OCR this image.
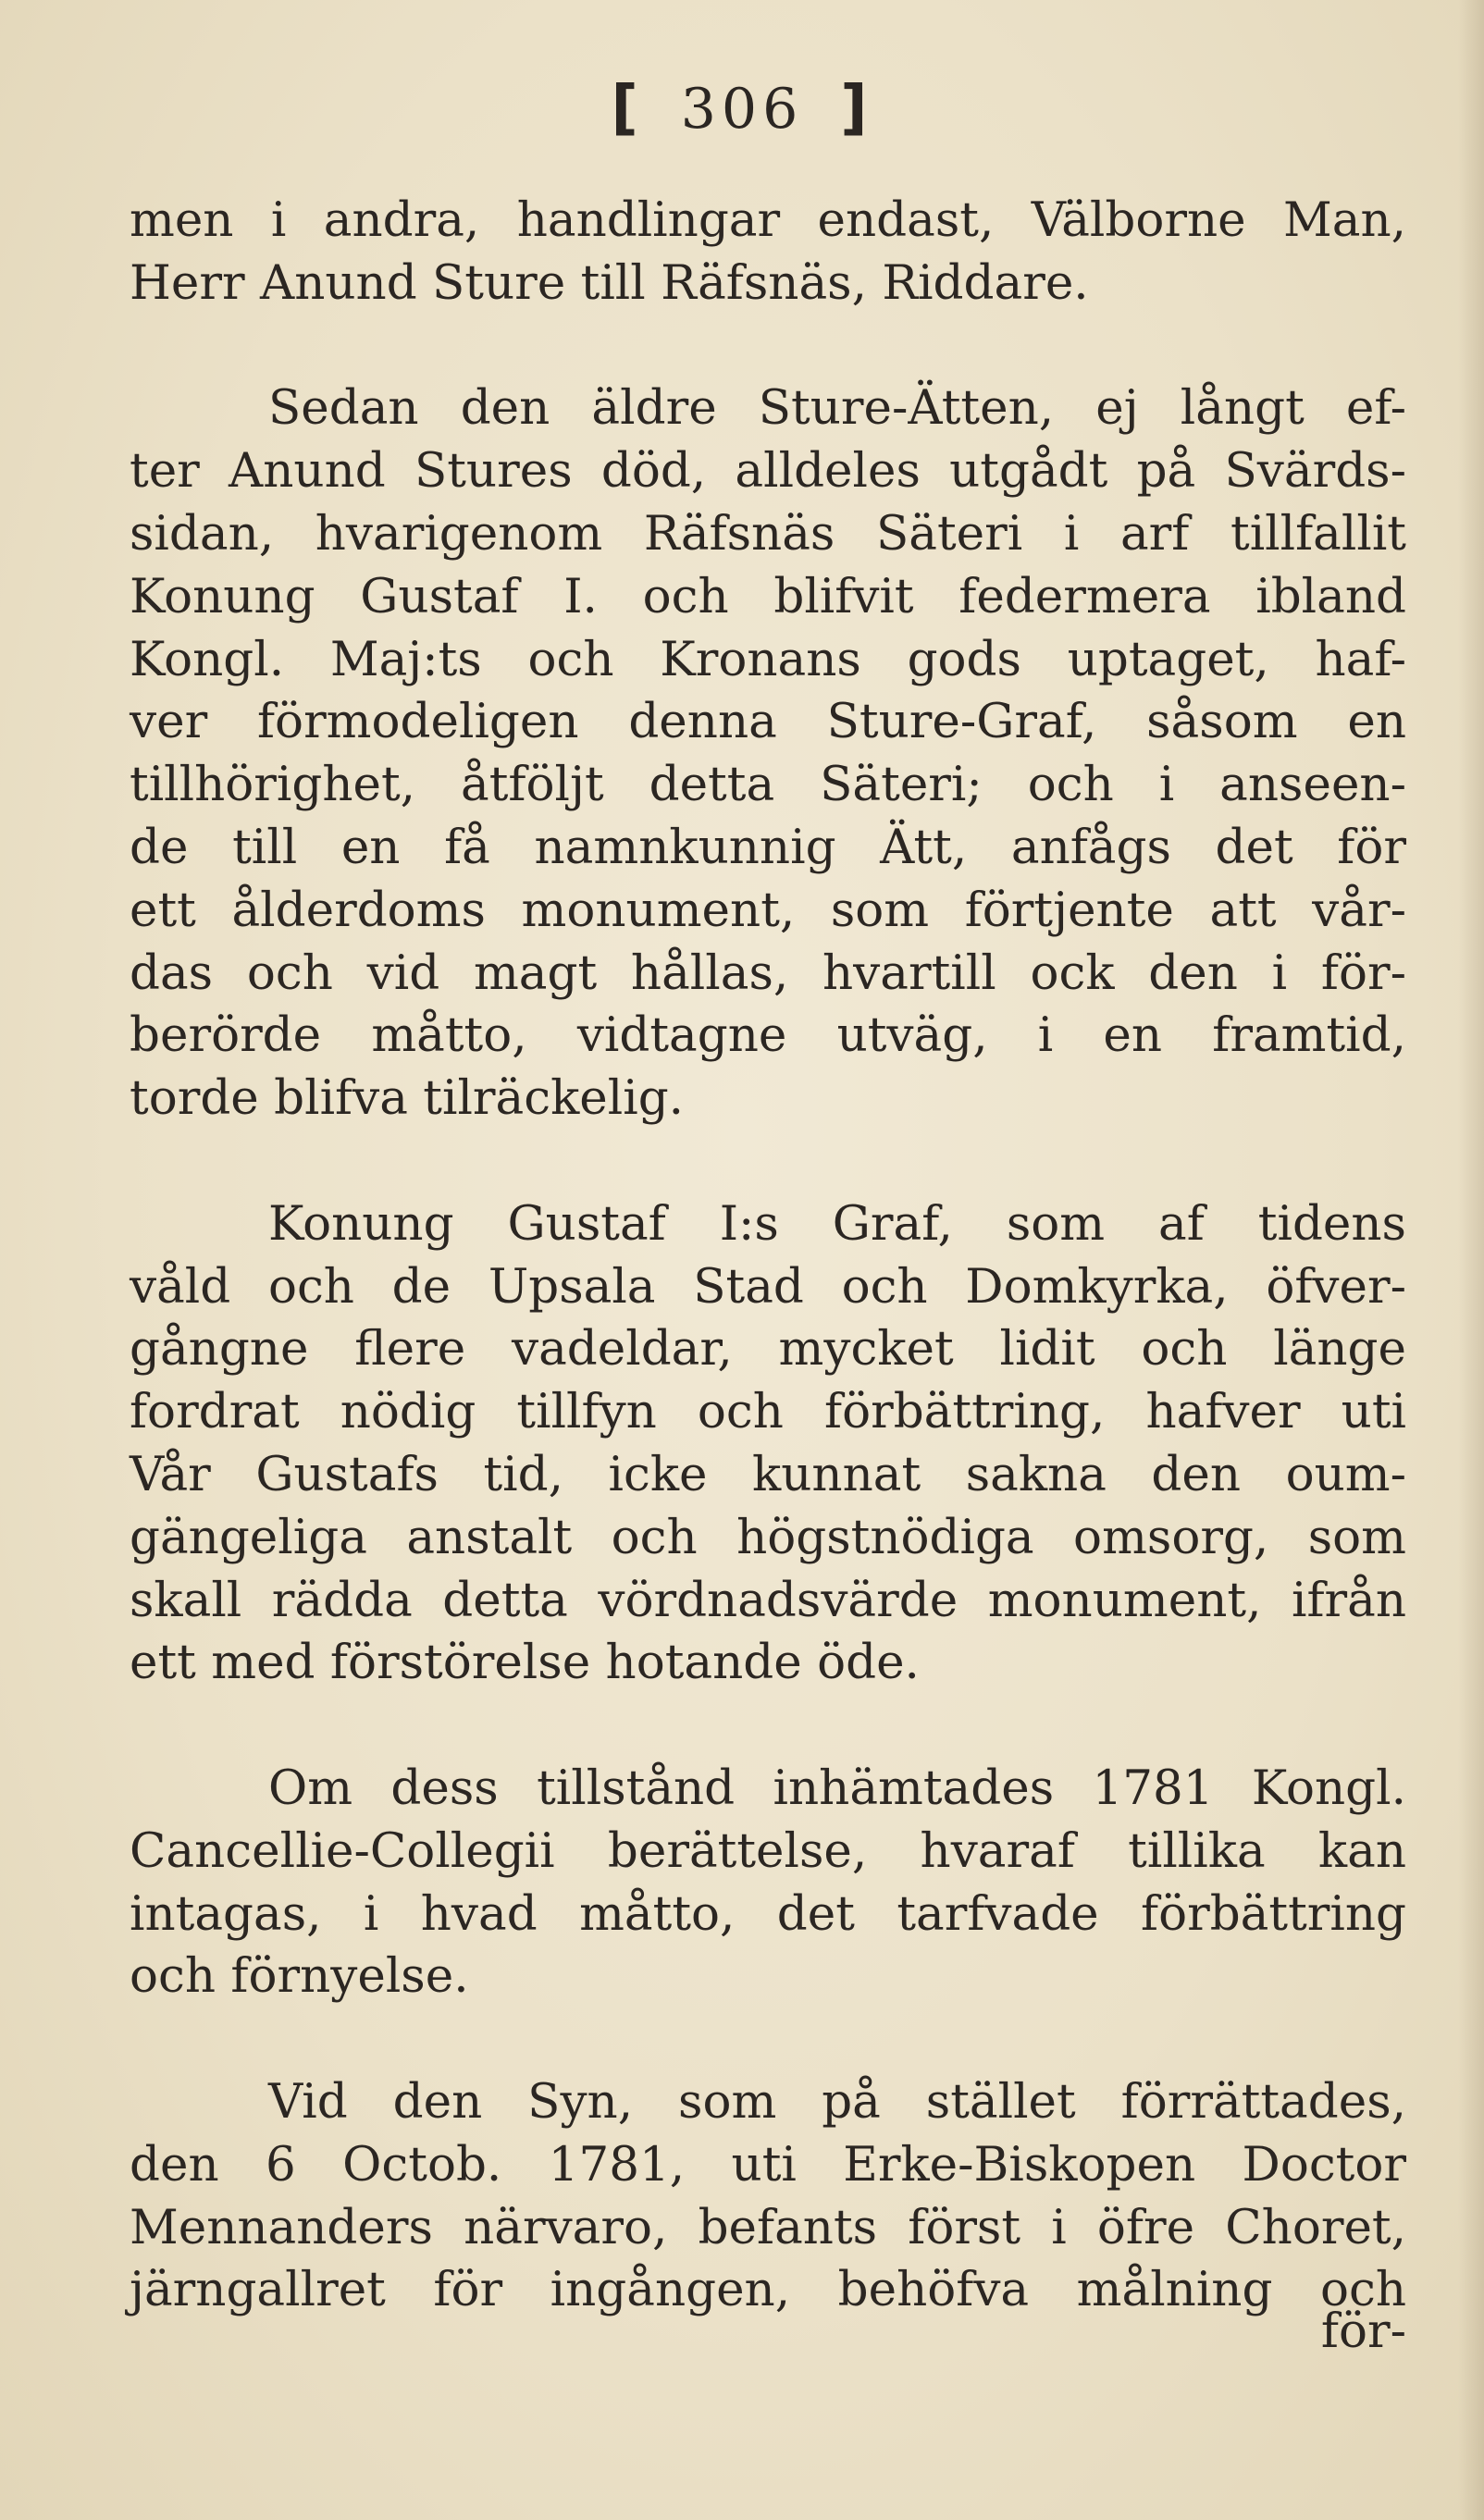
[ 306 ]

men i andra, handlingar endast, Välborne Man,
Herr Anund Sture till Räfsnäs, Riddare.

Sedan den äldre Sture-Ätten, ej långt ef-
ter Anund Stures död, alldeles utgådt på Svärds-
sidan, hvarigenom Räfsnäs Säteri i arf tillfallit
Konung Gustaf I. och blifvit federmera ibland
Kongl. Maj:ts och Kronans gods uptaget, haf-
ver förmodeligen denna Sture-Graf, såsom en
tillhörighet, åtföljt detta Säteri; och i anseen-
de till en få namnkunnig Ätt, anfågs det för
ett ålderdoms monument, som förtjente att vår-
das och vid magt hållas, hvartill ock den i för-
berörde måtto, vidtagne utväg, i en framtid,
torde blifva tilräckelig.

Konung Gustaf I:s Graf, som af tidens
våld och de Upsala Stad och Domkyrka, öfver-
gångne flere vadeldar, mycket lidit och länge
fordrat nödig tillfyn och förbättring, hafver uti
Vår Gustafs tid, icke kunnat sakna den oum-
gängeliga anstalt och högstnödiga omsorg, som
skall rädda detta vördnadsvärde monument, ifrån
ett med förstörelse hotande öde.

Om dess tillstånd inhämtades 1781 Kongl.
Cancellie-Collegii berättelse, hvaraf tillika kan
intagas, i hvad måtto, det tarfvade förbättring
och förnyelse.

Vid den Syn, som på stället förrättades,
den 6 Octob. 1781, uti Erke-Biskopen Doctor
Mennanders närvaro, befants först i öfre Choret,
järngallret för ingången, behöfva målning och

för-
